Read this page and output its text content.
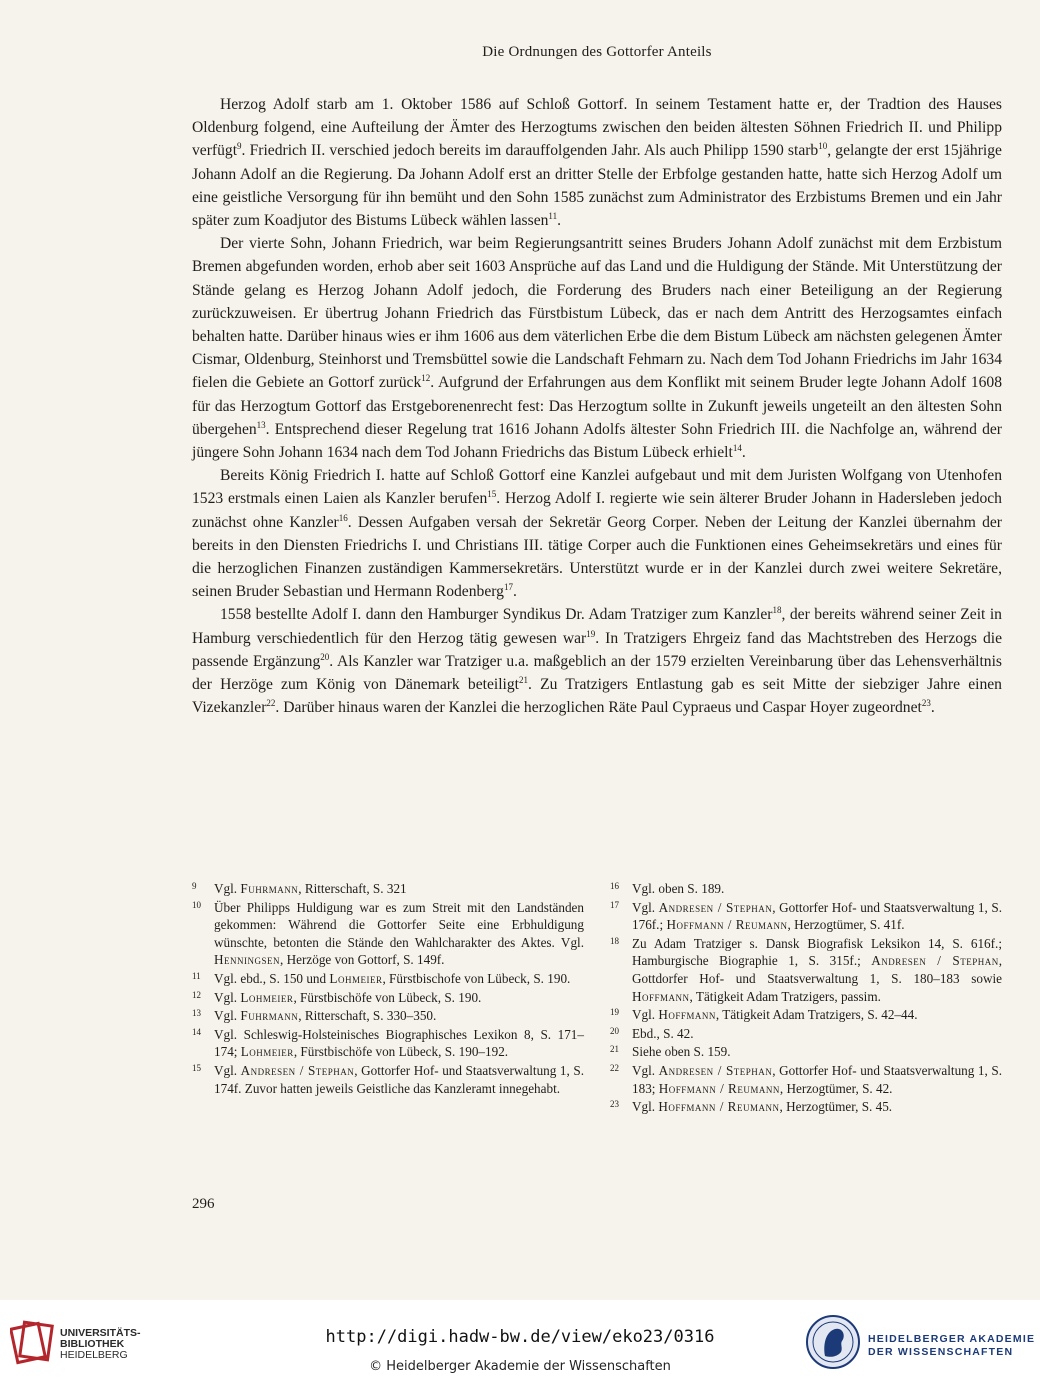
Die Ordnungen des Gottorfer Anteils

Herzog Adolf starb am 1. Oktober 1586 auf Schloß Gottorf. In seinem Testament hatte er, der Tradtion des Hauses Oldenburg folgend, eine Aufteilung der Ämter des Herzogtums zwischen den beiden ältesten Söhnen Friedrich II. und Philipp verfügt$^9$. Friedrich II. verschied jedoch bereits im darauffolgenden Jahr. Als auch Philipp 1590 starb$^{10}$, gelangte der erst 15jährige Johann Adolf an die Regierung. Da Johann Adolf erst an dritter Stelle der Erbfolge gestanden hatte, hatte sich Herzog Adolf um eine geistliche Versorgung für ihn bemüht und den Sohn 1585 zunächst zum Administrator des Erzbistums Bremen und ein Jahr später zum Koadjutor des Bistums Lübeck wählen lassen$^{11}$.

Der vierte Sohn, Johann Friedrich, war beim Regierungsantritt seines Bruders Johann Adolf zunächst mit dem Erzbistum Bremen abgefunden worden, erhob aber seit 1603 Ansprüche auf das Land und die Huldigung der Stände. Mit Unterstützung der Stände gelang es Herzog Johann Adolf jedoch, die Forderung des Bruders nach einer Beteiligung an der Regierung zurückzuweisen. Er übertrug Johann Friedrich das Fürstbistum Lübeck, das er nach dem Antritt des Herzogsamtes einfach behalten hatte. Darüber hinaus wies er ihm 1606 aus dem väterlichen Erbe die dem Bistum Lübeck am nächsten gelegenen Ämter Cismar, Oldenburg, Steinhorst und Tremsbüttel sowie die Landschaft Fehmarn zu. Nach dem Tod Johann Friedrichs im Jahr 1634 fielen die Gebiete an Gottorf zurück$^{12}$. Aufgrund der Erfahrungen aus dem Konflikt mit seinem Bruder legte Johann Adolf 1608 für das Herzogtum Gottorf das Erstgeborenenrecht fest: Das Herzogtum sollte in Zukunft jeweils ungeteilt an den ältesten Sohn übergehen$^{13}$. Entsprechend dieser Regelung trat 1616 Johann Adolfs ältester Sohn Friedrich III. die Nachfolge an, während der jüngere Sohn Johann 1634 nach dem Tod Johann Friedrichs das Bistum Lübeck erhielt$^{14}$.

Bereits König Friedrich I. hatte auf Schloß Gottorf eine Kanzlei aufgebaut und mit dem Juristen Wolfgang von Utenhofen 1523 erstmals einen Laien als Kanzler berufen$^{15}$. Herzog Adolf I. regierte wie sein älterer Bruder Johann in Hadersleben jedoch zunächst ohne Kanzler$^{16}$. Dessen Aufgaben versah der Sekretär Georg Corper. Neben der Leitung der Kanzlei übernahm der bereits in den Diensten Friedrichs I. und Christians III. tätige Corper auch die Funktionen eines Geheimsekretärs und eines für die herzoglichen Finanzen zuständigen Kammersekretärs. Unterstützt wurde er in der Kanzlei durch zwei weitere Sekretäre, seinen Bruder Sebastian und Hermann Rodenberg$^{17}$.

1558 bestellte Adolf I. dann den Hamburger Syndikus Dr. Adam Tratziger zum Kanzler$^{18}$, der bereits während seiner Zeit in Hamburg verschiedentlich für den Herzog tätig gewesen war$^{19}$. In Tratzigers Ehrgeiz fand das Machtstreben des Herzogs die passende Ergänzung$^{20}$. Als Kanzler war Tratziger u.a. maßgeblich an der 1579 erzielten Vereinbarung über das Lehensverhältnis der Herzöge zum König von Dänemark beteiligt$^{21}$. Zu Tratzigers Entlastung gab es seit Mitte der siebziger Jahre einen Vizekanzler$^{22}$. Darüber hinaus waren der Kanzlei die herzoglichen Räte Paul Cypraeus und Caspar Hoyer zugeordnet$^{23}$.

9 Vgl. Fuhrmann, Ritterschaft, S. 321
10 Über Philipps Huldigung war es zum Streit mit den Landständen gekommen: Während die Gottorfer Seite eine Erbhuldigung wünschte, betonten die Stände den Wahlcharakter des Aktes. Vgl. Henningsen, Herzöge von Gottorf, S. 149f.
11 Vgl. ebd., S. 150 und Lohmeier, Fürstbischofe von Lübeck, S. 190.
12 Vgl. Lohmeier, Fürstbischöfe von Lübeck, S. 190.
13 Vgl. Fuhrmann, Ritterschaft, S. 330–350.
14 Vgl. Schleswig-Holsteinisches Biographisches Lexikon 8, S. 171–174; Lohmeier, Fürstbischöfe von Lübeck, S. 190–192.
15 Vgl. Andresen / Stephan, Gottorfer Hof- und Staatsverwaltung 1, S. 174f. Zuvor hatten jeweils Geistliche das Kanzleramt innegehabt.
16 Vgl. oben S. 189.
17 Vgl. Andresen / Stephan, Gottorfer Hof- und Staatsverwaltung 1, S. 176f.; Hoffmann / Reumann, Herzogtümer, S. 41f.
18 Zu Adam Tratziger s. Dansk Biografisk Leksikon 14, S. 616f.; Hamburgische Biographie 1, S. 315f.; Andresen / Stephan, Gottdorfer Hof- und Staatsverwaltung 1, S. 180–183 sowie Hoffmann, Tätigkeit Adam Tratzigers, passim.
19 Vgl. Hoffmann, Tätigkeit Adam Tratzigers, S. 42–44.
20 Ebd., S. 42.
21 Siehe oben S. 159.
22 Vgl. Andresen / Stephan, Gottorfer Hof- und Staatsverwaltung 1, S. 183; Hoffmann / Reumann, Herzogtümer, S. 42.
23 Vgl. Hoffmann / Reumann, Herzogtümer, S. 45.
296
UNIVERSITÄTS-
BIBLIOTHEK
HEIDELBERG
http://digi.hadw-bw.de/view/eko23/0316
© Heidelberger Akademie der Wissenschaften
HEIDELBERGER AKADEMIE
DER WISSENSCHAFTEN
